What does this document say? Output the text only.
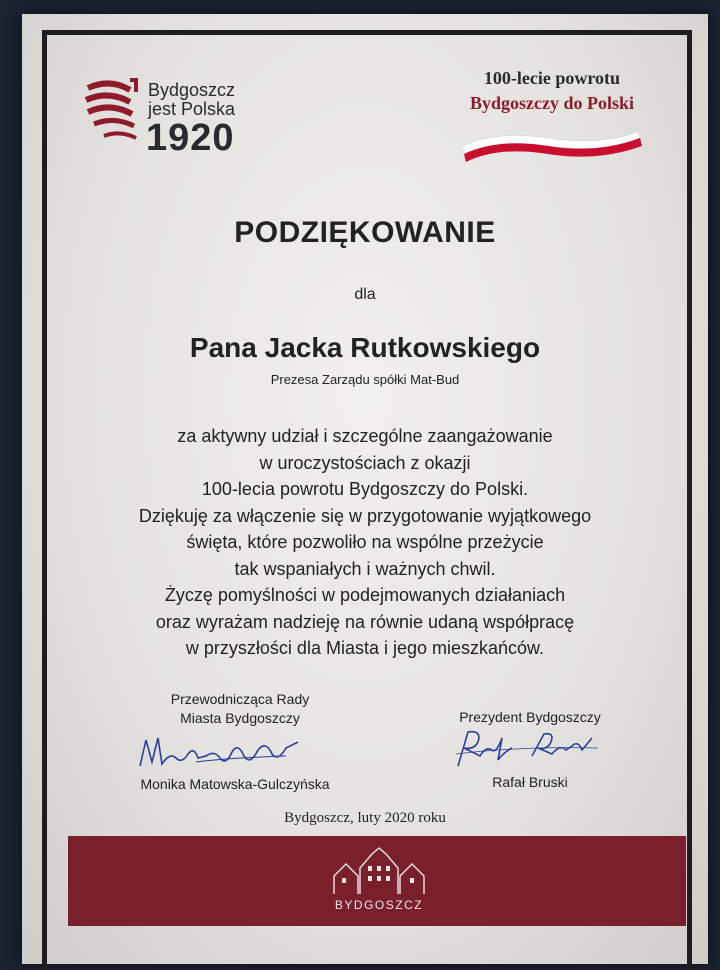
Bydgoszcz
jest Polska
1920
100-lecie powrotu
Bydgoszczy do Polski
PODZIĘKOWANIE
dla
Pana Jacka Rutkowskiego
Prezesa Zarządu spółki Mat-Bud
za aktywny udział i szczególne zaangażowanie
w uroczystościach z okazji
100-lecia powrotu Bydgoszczy do Polski.
Dziękuję za włączenie się w przygotowanie wyjątkowego
święta, które pozwoliło na wspólne przeżycie
tak wspaniałych i ważnych chwil.
Życzę pomyślności w podejmowanych działaniach
oraz wyrażam nadzieję na równie udaną współpracę
w przyszłości dla Miasta i jego mieszkańców.
Przewodnicząca Rady
Miasta Bydgoszczy
Monika Matowska-Gulczyńska
Prezydent Bydgoszczy
Rafał Bruski
Bydgoszcz, luty 2020 roku
BYDGOSZCZ
